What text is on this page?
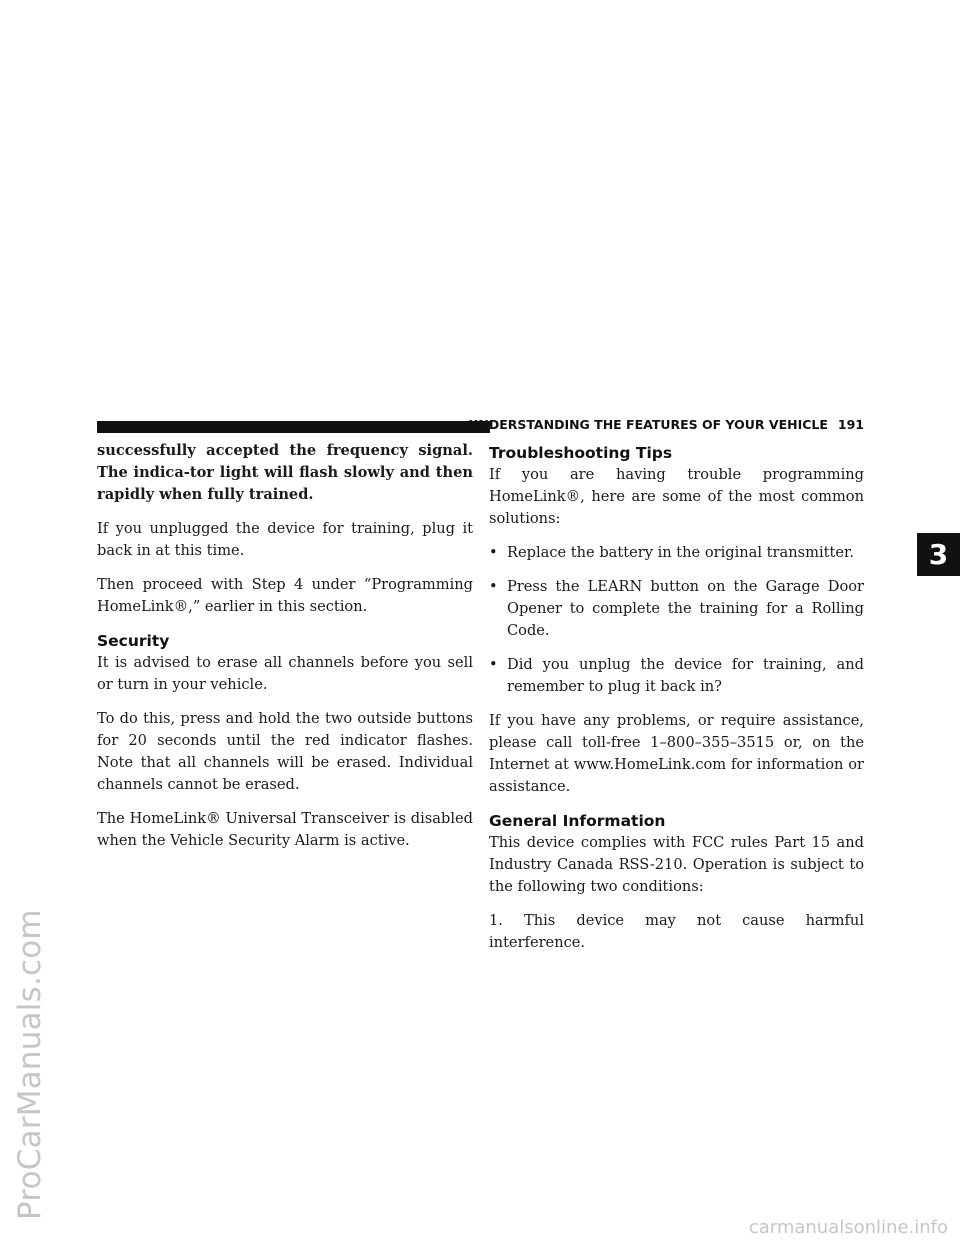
ProCarManuals.com
carmanualsonline.info
UNDERSTANDING THE FEATURES OF YOUR VEHICLE 191
3

successfully accepted the frequency signal. The indica-tor light will flash slowly and then rapidly when fully trained.

If you unplugged the device for training, plug it back in at this time.

Then proceed with Step 4 under “Programming HomeLink®,” earlier in this section.

Security

It is advised to erase all channels before you sell or turn in your vehicle.

To do this, press and hold the two outside buttons for 20 seconds until the red indicator flashes. Note that all channels will be erased. Individual channels cannot be erased.

The HomeLink® Universal Transceiver is disabled when the Vehicle Security Alarm is active.

Troubleshooting Tips

If you are having trouble programming HomeLink®, here are some of the most common solutions:

• Replace the battery in the original transmitter.
• Press the LEARN button on the Garage Door Opener to complete the training for a Rolling Code.
• Did you unplug the device for training, and remember to plug it back in?

If you have any problems, or require assistance, please call toll-free 1–800–355–3515 or, on the Internet at www.HomeLink.com for information or assistance.

General Information

This device complies with FCC rules Part 15 and Industry Canada RSS-210. Operation is subject to the following two conditions:

1. This device may not cause harmful interference.
